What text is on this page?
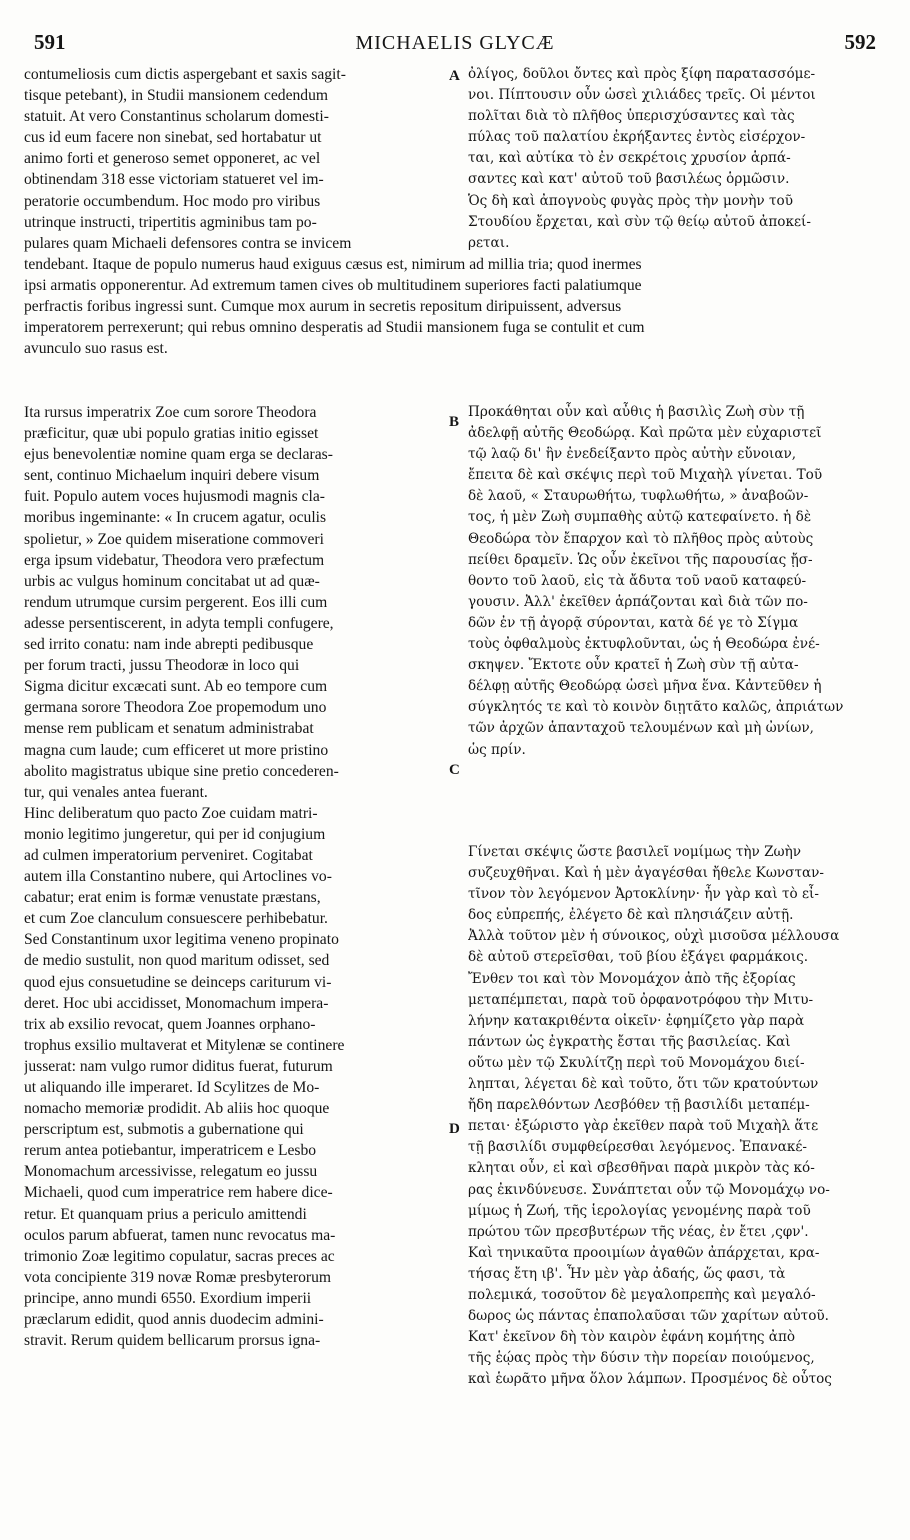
591	MICHAELIS GLYCÆ	592
A
B
C
D
contumeliosis cum dictis aspergebant et saxis sagit-
tisque petebant), in Studii mansionem cedendum
statuit. At vero Constantinus scholarum domesti-
cus id eum facere non sinebat, sed hortabatur ut
animo forti et generoso semet opponeret, ac vel
obtinendam 318 esse victoriam statueret vel im-
peratorie occumbendum. Hoc modo pro viribus
utrinque instructi, tripertitis agminibus tam po-
pulares quam Michaeli defensores contra se invicem
ὀλίγος, δοῦλοι ὄντες καὶ πρὸς ξίφη παρατασσόμε-
νοι. Πίπτουσιν οὖν ὡσεὶ χιλιάδες τρεῖς. Οἱ μέντοι
πολῖται διὰ τὸ πλῆθος ὑπερισχύσαντες καὶ τὰς
πύλας τοῦ παλατίου ἐκρήξαντες ἐντὸς εἰσέρχον-
ται, καὶ αὐτίκα τὸ ἐν σεκρέτοις χρυσίον ἁρπά-
σαντες καὶ κατ' αὐτοῦ τοῦ βασιλέως ὁρμῶσιν.
Ὁς δὴ καὶ ἀπογνοὺς φυγὰς πρὸς τὴν μονὴν τοῦ
Στουδίου ἔρχεται, καὶ σὺν τῷ θείῳ αὐτοῦ ἀποκεί-
ρεται.
tendebant. Itaque de populo numerus haud exiguus cæsus est, nimirum ad millia tria; quod inermes
ipsi armatis opponerentur. Ad extremum tamen cives ob multitudinem superiores facti palatiumque
perfractis foribus ingressi sunt. Cumque mox aurum in secretis repositum diripuissent, adversus
imperatorem perrexerunt; qui rebus omnino desperatis ad Studii mansionem fuga se contulit et cum
avunculo suo rasus est.
Ita rursus imperatrix Zoe cum sorore Theodora
præficitur, quæ ubi populo gratias initio egisset
ejus benevolentiæ nomine quam erga se declaras-
sent, continuo Michaelum inquiri debere visum
fuit. Populo autem voces hujusmodi magnis cla-
moribus ingeminante: « In crucem agatur, oculis
spolietur, » Zoe quidem miseratione commoveri
erga ipsum videbatur, Theodora vero præfectum
urbis ac vulgus hominum concitabat ut ad quæ-
rendum utrumque cursim pergerent. Eos illi cum
adesse persentiscerent, in adyta templi confugere,
sed irrito conatu: nam inde abrepti pedibusque
per forum tracti, jussu Theodoræ in loco qui
Sigma dicitur excæcati sunt. Ab eo tempore cum
germana sorore Theodora Zoe propemodum uno
mense rem publicam et senatum administrabat
magna cum laude; cum efficeret ut more pristino
abolito magistratus ubique sine pretio concederen-
tur, qui venales antea fuerant.
Hinc deliberatum quo pacto Zoe cuidam matri-
monio legitimo jungeretur, qui per id conjugium
ad culmen imperatorium perveniret. Cogitabat
autem illa Constantino nubere, qui Artoclines vo-
cabatur; erat enim is formæ venustate præstans,
et cum Zoe clanculum consuescere perhibebatur.
Sed Constantinum uxor legitima veneno propinato
de medio sustulit, non quod maritum odisset, sed
quod ejus consuetudine se deinceps cariturum vi-
deret. Hoc ubi accidisset, Monomachum impera-
trix ab exsilio revocat, quem Joannes orphano-
trophus exsilio multaverat et Mitylenæ se continere
jusserat: nam vulgo rumor diditus fuerat, futurum
ut aliquando ille imperaret. Id Scylitzes de Mo-
nomacho memoriæ prodidit. Ab aliis hoc quoque
perscriptum est, submotis a gubernatione qui
rerum antea potiebantur, imperatricem e Lesbo
Monomachum arcessivisse, relegatum eo jussu
Michaeli, quod cum imperatrice rem habere dice-
retur. Et quanquam prius a periculo amittendi
oculos parum abfuerat, tamen nunc revocatus ma-
trimonio Zoæ legitimo copulatur, sacras preces ac
vota concipiente 319 novæ Romæ presbyterorum
principe, anno mundi 6550. Exordium imperii
præclarum edidit, quod annis duodecim admini-
stravit. Rerum quidem bellicarum prorsus igna-
Προκάθηται οὖν καὶ αὖθις ἡ βασιλὶς Ζωὴ σὺν τῇ
ἀδελφῇ αὐτῆς Θεοδώρᾳ. Καὶ πρῶτα μὲν εὐχαριστεῖ
τῷ λαῷ δι' ἣν ἐνεδείξαντο πρὸς αὐτὴν εὔνοιαν,
ἔπειτα δὲ καὶ σκέψις περὶ τοῦ Μιχαὴλ γίνεται. Τοῦ
δὲ λαοῦ, « Σταυρωθήτω, τυφλωθήτω, » ἀναβοῶν-
τος, ἡ μὲν Ζωὴ συμπαθὴς αὐτῷ κατεφαίνετο. ἡ δὲ
Θεοδώρα τὸν ἔπαρχον καὶ τὸ πλῆθος πρὸς αὐτοὺς
πείθει δραμεῖν. Ὡς οὖν ἐκεῖνοι τῆς παρουσίας ᾔσ-
θοντο τοῦ λαοῦ, εἰς τὰ ἄδυτα τοῦ ναοῦ καταφεύ-
γουσιν. Ἀλλ' ἐκεῖθεν ἁρπάζονται καὶ διὰ τῶν πο-
δῶν ἐν τῇ ἀγορᾷ σύρονται, κατὰ δέ γε τὸ Σίγμα
τοὺς ὀφθαλμοὺς ἐκτυφλοῦνται, ὡς ἡ Θεοδώρα ἐνέ-
σκηψεν. Ἔκτοτε οὖν κρατεῖ ἡ Ζωὴ σὺν τῇ αὐτα-
δέλφῃ αὐτῆς Θεοδώρᾳ ὡσεὶ μῆνα ἕνα. Κἀντεῦθεν ἡ
σύγκλητός τε καὶ τὸ κοινὸν διῃτᾶτο καλῶς, ἀπριάτων
τῶν ἀρχῶν ἁπανταχοῦ τελουμένων καὶ μὴ ὠνίων,
ὡς πρίν.
Γίνεται σκέψις ὥστε βασιλεῖ νομίμως τὴν Ζωὴν
συζευχθῆναι. Καὶ ἡ μὲν ἀγαγέσθαι ἤθελε Κωνσταν-
τῖνον τὸν λεγόμενον Ἀρτοκλίνην· ἦν γὰρ καὶ τὸ εἶ-
δος εὐπρεπής, ἐλέγετο δὲ καὶ πλησιάζειν αὐτῇ.
Ἀλλὰ τοῦτον μὲν ἡ σύνοικος, οὐχὶ μισοῦσα μέλλουσα
δὲ αὐτοῦ στερεῖσθαι, τοῦ βίου ἐξάγει φαρμάκοις.
Ἔνθεν τοι καὶ τὸν Μονομάχον ἀπὸ τῆς ἐξορίας
μεταπέμπεται, παρὰ τοῦ ὀρφανοτρόφου τὴν Μιτυ-
λήνην κατακριθέντα οἰκεῖν· ἐφημίζετο γὰρ παρὰ
πάντων ὡς ἐγκρατὴς ἔσται τῆς βασιλείας. Καὶ
οὕτω μὲν τῷ Σκυλίτζῃ περὶ τοῦ Μονομάχου διεί-
ληπται, λέγεται δὲ καὶ τοῦτο, ὅτι τῶν κρατούντων
ἤδη παρελθόντων Λεσβόθεν τῇ βασιλίδι μεταπέμ-
πεται· ἐξώριστο γὰρ ἐκεῖθεν παρὰ τοῦ Μιχαὴλ ἅτε
τῇ βασιλίδι συμφθείρεσθαι λεγόμενος. Ἐπανακέ-
κληται οὖν, εἰ καὶ σβεσθῆναι παρὰ μικρὸν τὰς κό-
ρας ἐκινδύνευσε. Συνάπτεται οὖν τῷ Μονομάχῳ νο-
μίμως ἡ Ζωή, τῆς ἱερολογίας γενομένης παρὰ τοῦ
πρώτου τῶν πρεσβυτέρων τῆς νέας, ἐν ἔτει ,ςφν'.
Καὶ τηνικαῦτα προοιμίων ἀγαθῶν ἀπάρχεται, κρα-
τήσας ἔτη ιβ'. Ἦν μὲν γὰρ ἀδαής, ὥς φασι, τὰ
πολεμικά, τοσοῦτον δὲ μεγαλοπρεπὴς καὶ μεγαλό-
δωρος ὡς πάντας ἐπαπολαῦσαι τῶν χαρίτων αὐτοῦ.
Κατ' ἐκεῖνον δὴ τὸν καιρὸν ἐφάνη κομήτης ἀπὸ
τῆς ἑῴας πρὸς τὴν δύσιν τὴν πορείαν ποιούμενος,
καὶ ἑωρᾶτο μῆνα ὅλον λάμπων. Προσμένος δὲ οὗτος
